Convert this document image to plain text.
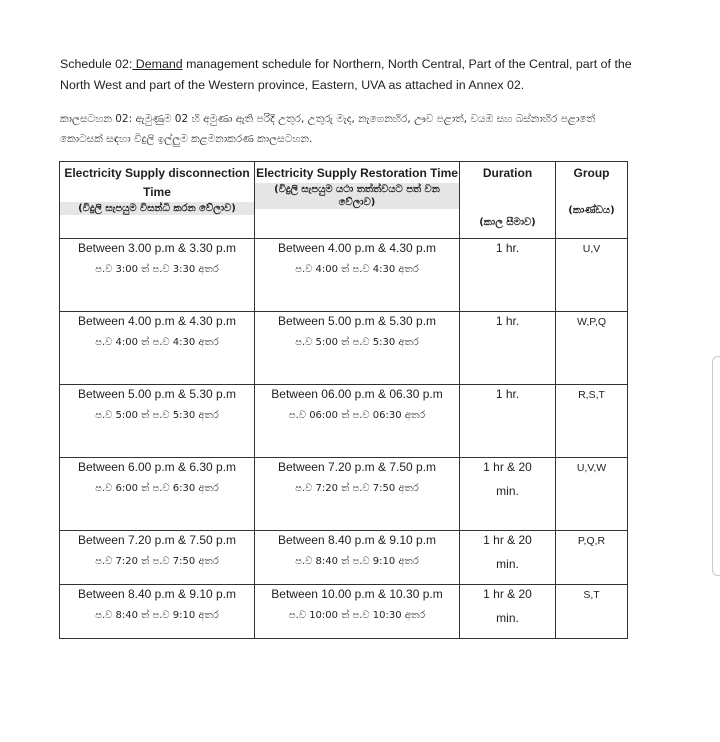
Schedule 02: Demand management schedule for Northern, North Central, Part of the Central, part of the North West and part of the Western province, Eastern, UVA as attached in Annex 02.
කාලසටහන 02: ඇමුණුම 02 හි අමුණා ඇති පරිදි උතුර, උතුරු මැද, නැගෙනහිර, ඌව පළාත්, වයඹ සහ බස්නාහිර පළාතේ කොටසක් සඳහා විදුලි ඉල්ලුම කළමනාකරණ කාලසටහන.
Electricity Supply disconnection Time
(විදුලි සැපයුම විසන්ධි කරන වේලාව)	Electricity Supply Restoration Time
(විදුලි සැපයුම යථා තත්ත්වයට පත් වන වේලාව)	Duration
(කාල සීමාව)	Group
(කාණ්ඩය)

Between 3.00 p.m & 3.30 p.m
ප.ව 3:00 ත් ප.ව 3:30 අතර	Between 4.00 p.m & 4.30 p.m
ප.ව 4:00 ත් ප.ව 4:30 අතර	1 hr.	U,V

Between 4.00 p.m & 4.30 p.m
ප.ව 4:00 ත් ප.ව 4:30 අතර	Between 5.00 p.m & 5.30 p.m
ප.ව 5:00 ත් ප.ව 5:30 අතර	1 hr.	W,P,Q

Between 5.00 p.m & 5.30 p.m
ප.ව 5:00 ත් ප.ව 5:30 අතර	Between 06.00 p.m & 06.30 p.m
ප.ව 06:00 ත් ප.ව 06:30 අතර	1 hr.	R,S,T

Between 6.00 p.m & 6.30 p.m
ප.ව 6:00 ත් ප.ව 6:30 අතර	Between 7.20 p.m & 7.50 p.m
ප.ව 7:20 ත් ප.ව 7:50 අතර	1 hr & 20
min.	U,V,W

Between 7.20 p.m & 7.50 p.m
ප.ව 7:20 ත් ප.ව 7:50 අතර	Between 8.40 p.m & 9.10 p.m
ප.ව 8:40 ත් ප.ව 9:10 අතර	1 hr & 20
min.	P,Q,R

Between 8.40 p.m & 9.10 p.m
ප.ව 8:40 ත් ප.ව 9:10 අතර	Between 10.00 p.m & 10.30 p.m
ප.ව 10:00 ත් ප.ව 10:30 අතර	1 hr & 20
min.	S,T
